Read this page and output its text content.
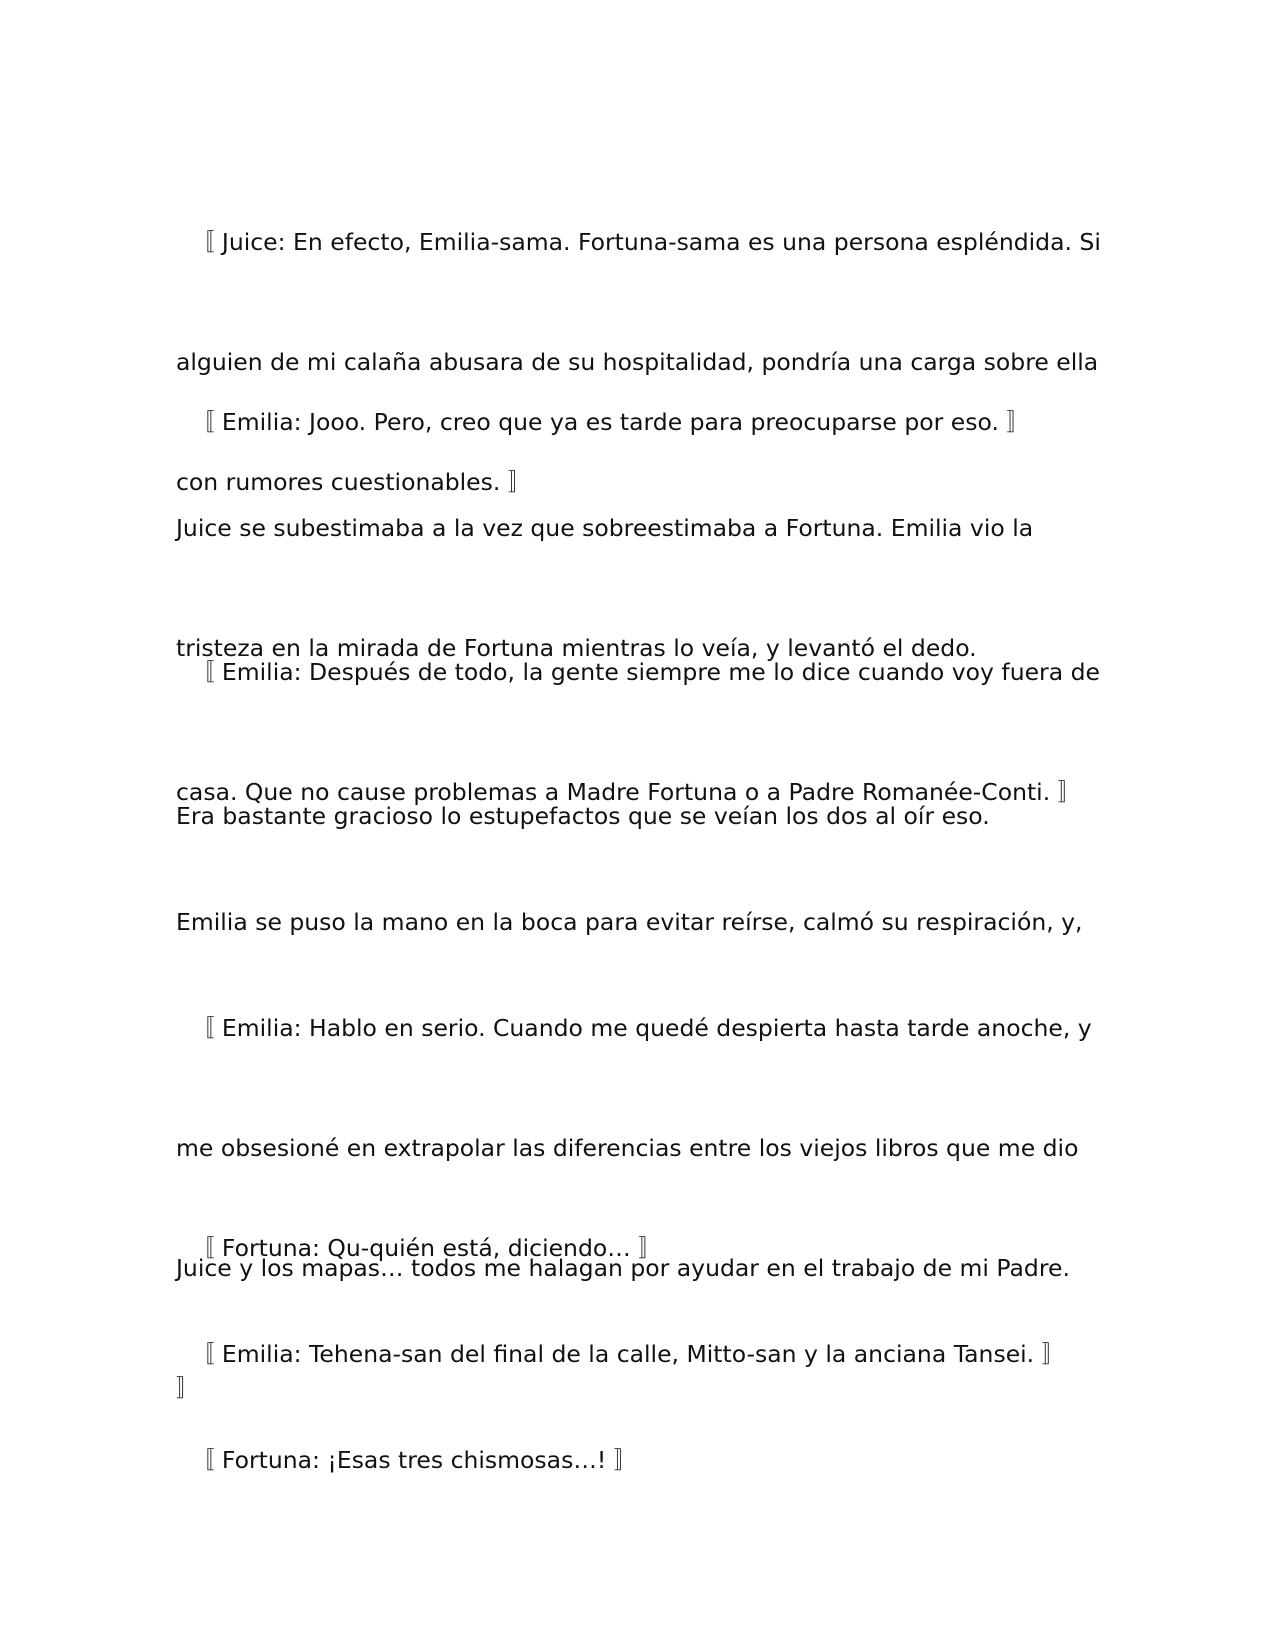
〚 Juice: En efecto, Emilia-sama. Fortuna-sama es una persona espléndida. Si

alguien de mi calaña abusara de su hospitalidad, pondría una carga sobre ella

con rumores cuestionables. 〛

〚 Emilia: Jooo. Pero, creo que ya es tarde para preocuparse por eso. 〛

Juice se subestimaba a la vez que sobreestimaba a Fortuna. Emilia vio la

tristeza en la mirada de Fortuna mientras lo veía, y levantó el dedo.

〚 Emilia: Después de todo, la gente siempre me lo dice cuando voy fuera de

casa. Que no cause problemas a Madre Fortuna o a Padre Romanée-Conti. 〛

Era bastante gracioso lo estupefactos que se veían los dos al oír eso.

Emilia se puso la mano en la boca para evitar reírse, calmó su respiración, y,

〚 Emilia: Hablo en serio. Cuando me quedé despierta hasta tarde anoche, y

me obsesioné en extrapolar las diferencias entre los viejos libros que me dio

Juice y los mapas… todos me halagan por ayudar en el trabajo de mi Padre.

〛

〚 Fortuna: Qu-quién está, diciendo… 〛

〚 Emilia: Tehena-san del final de la calle, Mitto-san y la anciana Tansei. 〛

〚 Fortuna: ¡Esas tres chismosas…! 〛
